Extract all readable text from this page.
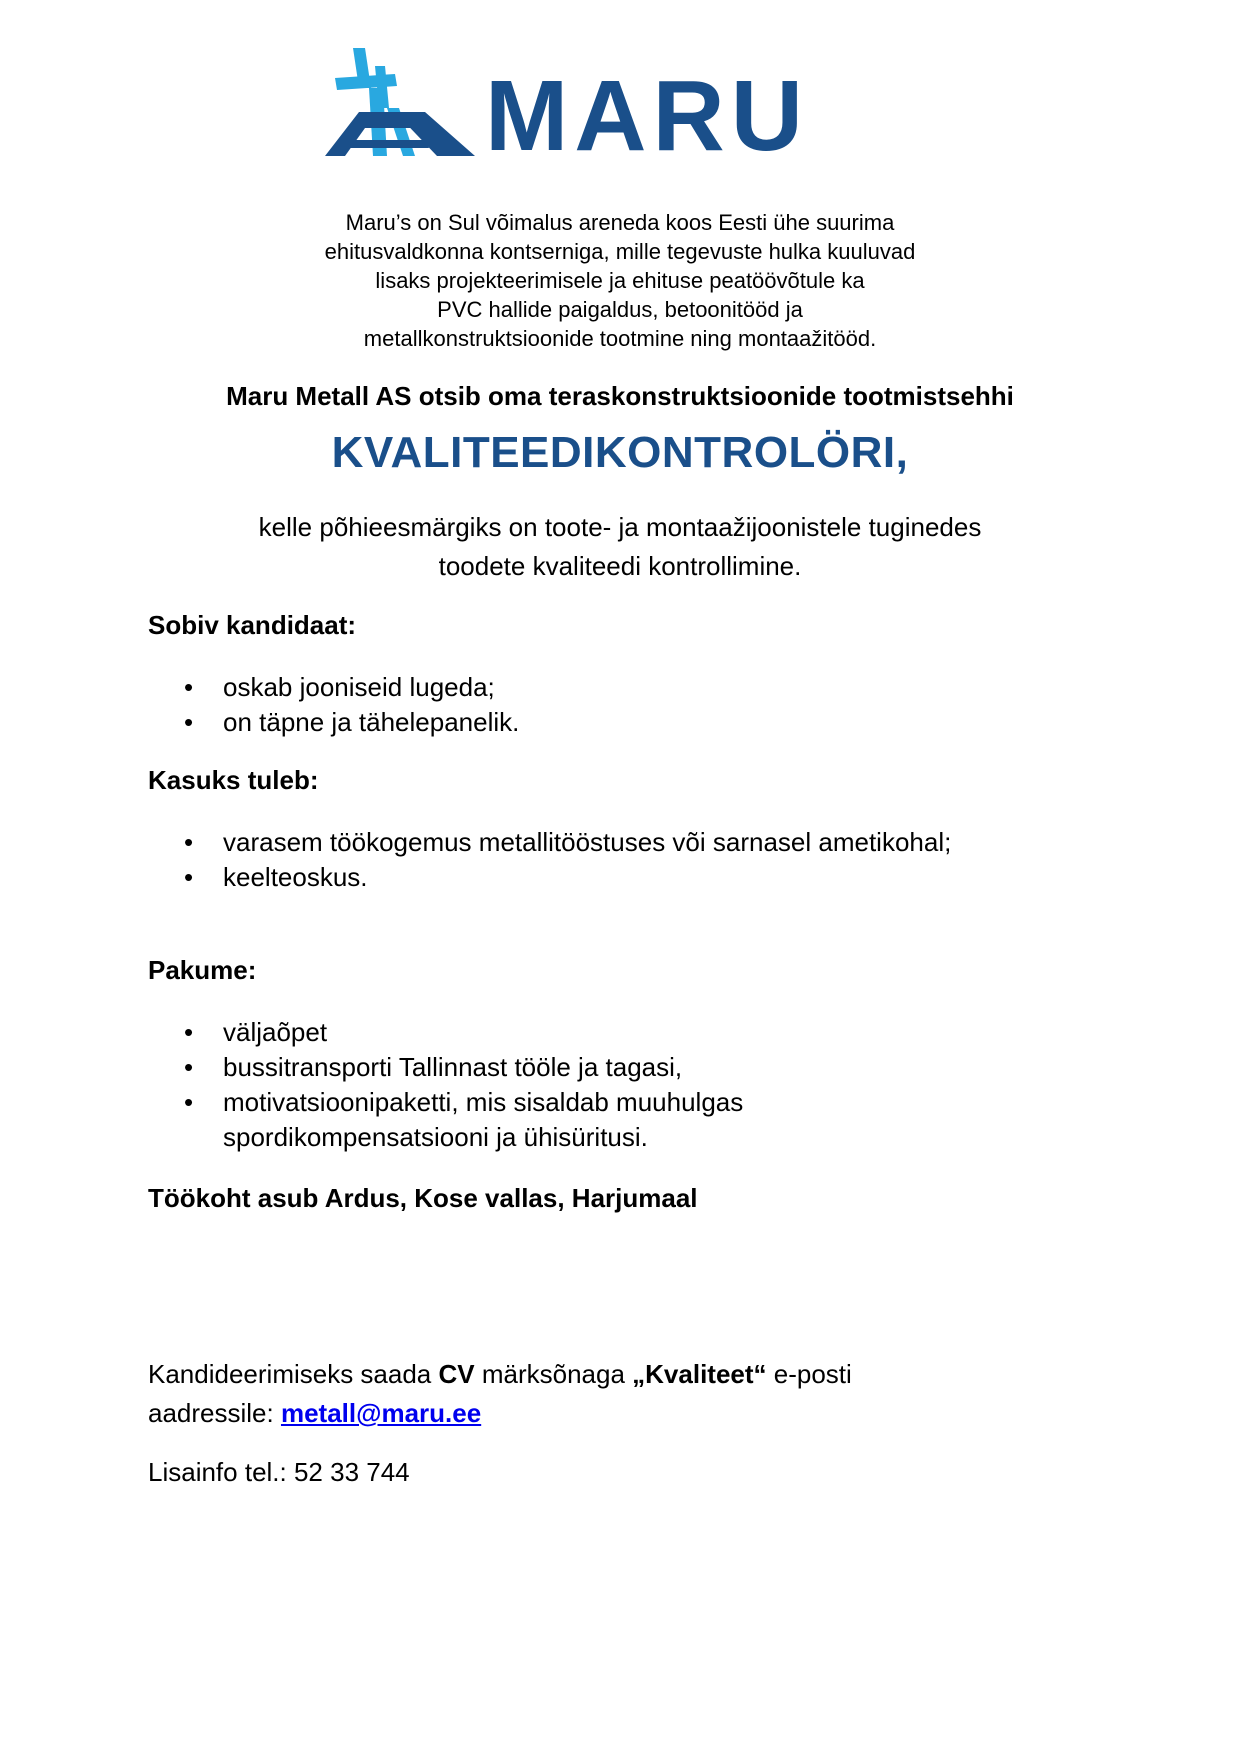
MARU

Maru’s on Sul võimalus areneda koos Eesti ühe suurima
ehitusvaldkonna kontserniga, mille tegevuste hulka kuuluvad
lisaks projekteerimisele ja ehituse peatöövõtule ka
PVC hallide paigaldus, betoonitööd ja
metallkonstruktsioonide tootmine ning montaažitööd.

Maru Metall AS otsib oma teraskonstruktsioonide tootmistsehhi

KVALITEEDIKONTROLÖRI,

kelle põhieesmärgiks on toote- ja montaažijoonistele tuginedes
toodete kvaliteedi kontrollimine.

Sobiv kandidaat:
• oskab jooniseid lugeda;
• on täpne ja tähelepanelik.
Kasuks tuleb:
• varasem töökogemus metallitööstuses või sarnasel ametikohal;
• keelteoskus.
Pakume:
• väljaõpet
• bussitransporti Tallinnast tööle ja tagasi,
• motivatsioonipaketti, mis sisaldab muuhulgas spordikompensatsiooni ja ühisüritusi.

Töökoht asub Ardus, Kose vallas, Harjumaal

Kandideerimiseks saada CV märksõnaga „Kvaliteet“ e-posti

aadressile: metall@maru.ee

Lisainfo tel.: 52 33 744
